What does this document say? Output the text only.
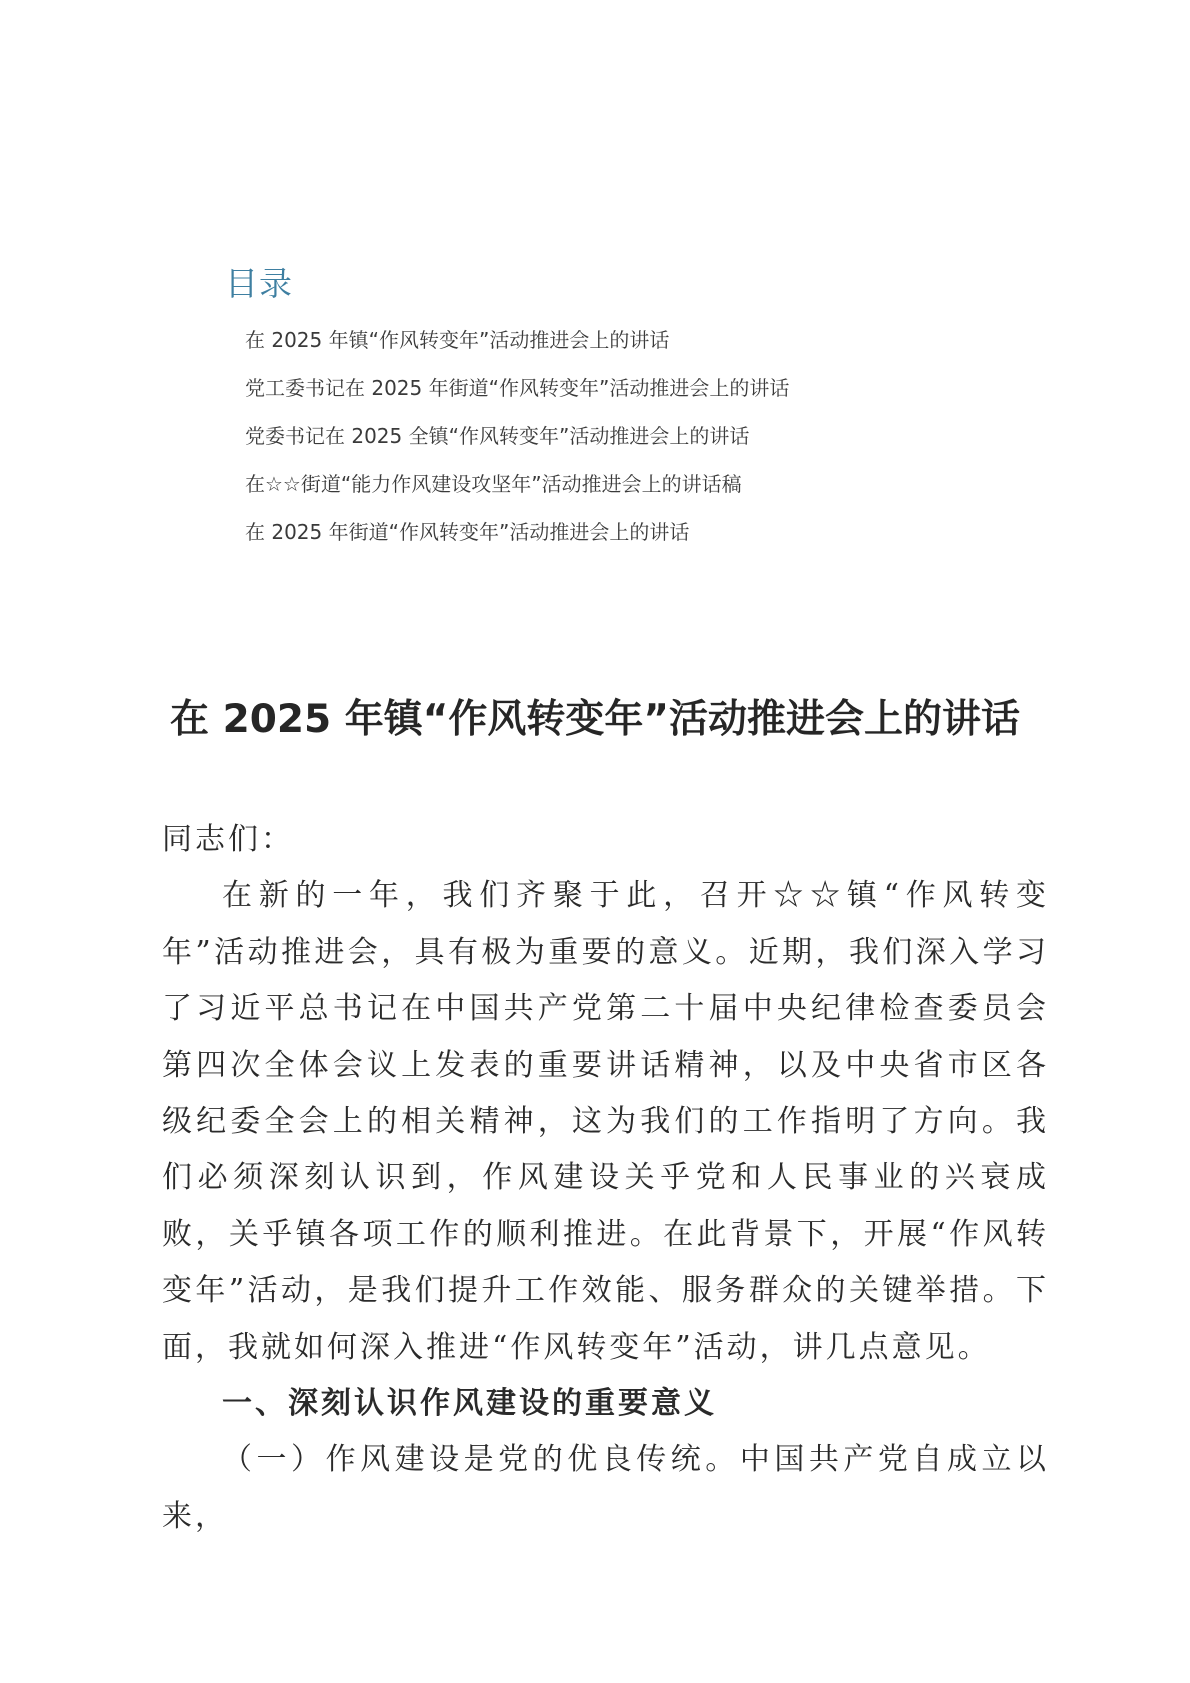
目录
在 2025 年镇“作风转变年”活动推进会上的讲话
党工委书记在 2025 年街道“作风转变年”活动推进会上的讲话
党委书记在 2025 全镇“作风转变年”活动推进会上的讲话
在☆☆街道“能力作风建设攻坚年”活动推进会上的讲话稿
在 2025 年街道“作风转变年”活动推进会上的讲话
在 2025 年镇“作风转变年”活动推进会上的讲话

同志们：

在新的一年，我们齐聚于此，召开☆☆镇“作风转变年”活动推进会，具有极为重要的意义。近期，我们深入学习了习近平总书记在中国共产党第二十届中央纪律检查委员会第四次全体会议上发表的重要讲话精神，以及中央省市区各级纪委全会上的相关精神，这为我们的工作指明了方向。我们必须深刻认识到，作风建设关乎党和人民事业的兴衰成败，关乎镇各项工作的顺利推进。在此背景下，开展“作风转变年”活动，是我们提升工作效能、服务群众的关键举措。下面，我就如何深入推进“作风转变年”活动，讲几点意见。

一、深刻认识作风建设的重要意义

（一）作风建设是党的优良传统。中国共产党自成立以来，
